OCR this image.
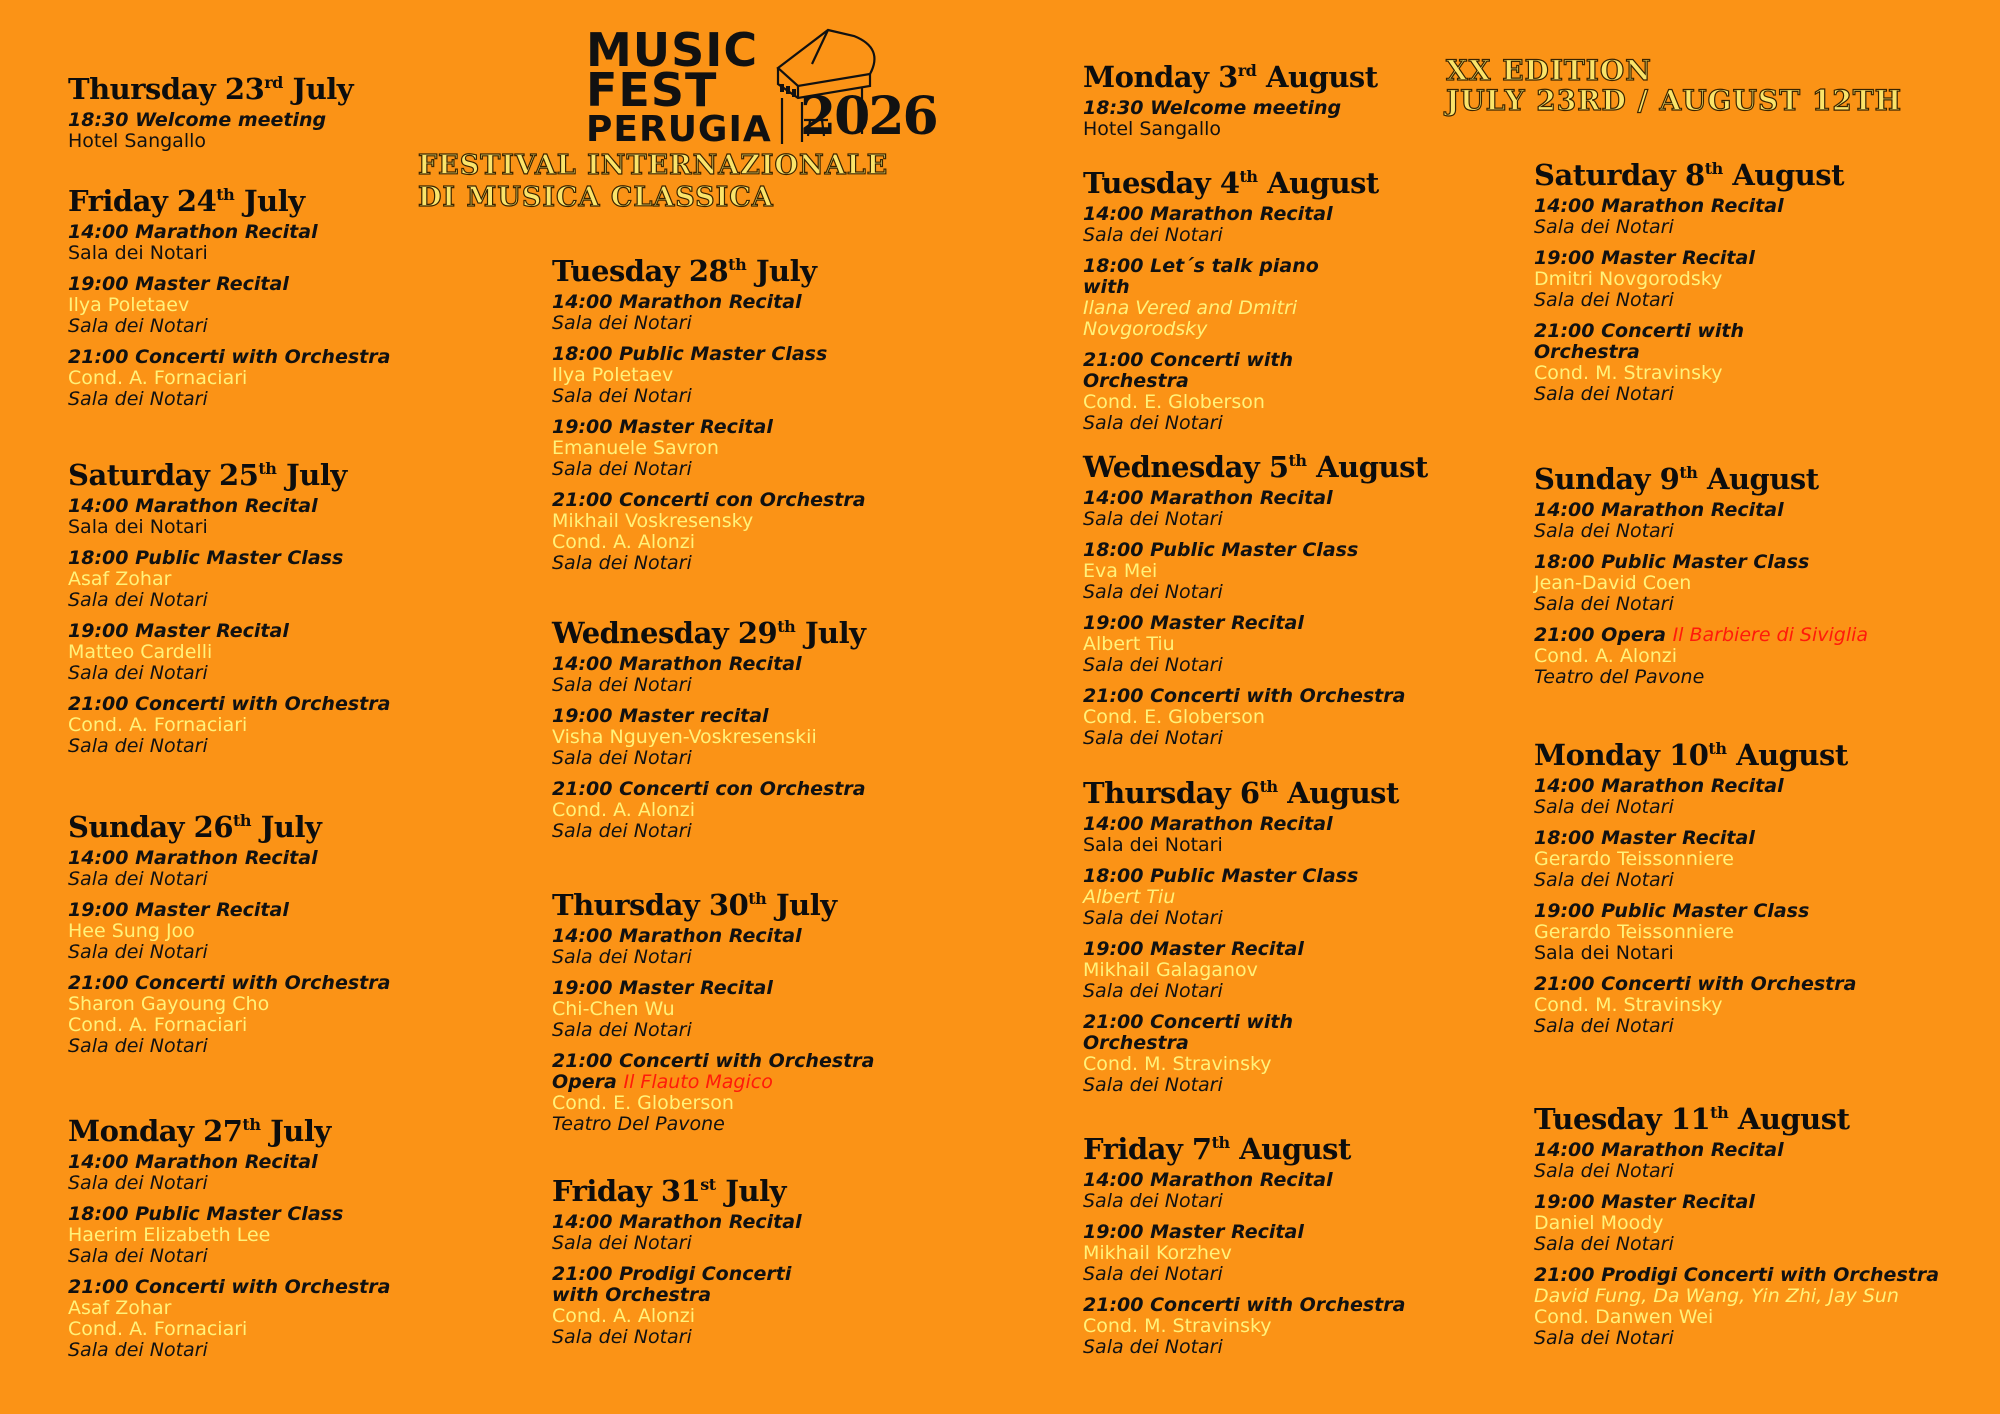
MUSIC
FEST
PERUGIA 2026
FESTIVAL INTERNAZIONALE
DI MUSICA CLASSICA
XX EDITION
JULY 23RD / AUGUST 12TH
Thursday 23rd July
18:30 Welcome meeting
Hotel Sangallo
Friday 24th July
14:00 Marathon Recital
Sala dei Notari
19:00 Master Recital
Ilya Poletaev
Sala dei Notari
21:00 Concerti with Orchestra
Cond. A. Fornaciari
Sala dei Notari
Saturday 25th July
14:00 Marathon Recital
Sala dei Notari
18:00 Public Master Class
Asaf Zohar
Sala dei Notari
19:00 Master Recital
Matteo Cardelli
Sala dei Notari
21:00 Concerti with Orchestra
Cond. A. Fornaciari
Sala dei Notari
Sunday 26th July
14:00 Marathon Recital
Sala dei Notari
19:00 Master Recital
Hee Sung Joo
Sala dei Notari
21:00 Concerti with Orchestra
Sharon Gayoung Cho
Cond. A. Fornaciari
Sala dei Notari
Monday 27th July
14:00 Marathon Recital
Sala dei Notari
18:00 Public Master Class
Haerim Elizabeth Lee
Sala dei Notari
21:00 Concerti with Orchestra
Asaf Zohar
Cond. A. Fornaciari
Sala dei Notari
Tuesday 28th July
14:00 Marathon Recital
Sala dei Notari
18:00 Public Master Class
Ilya Poletaev
Sala dei Notari
19:00 Master Recital
Emanuele Savron
Sala dei Notari
21:00 Concerti con Orchestra
Mikhail Voskresensky
Cond. A. Alonzi
Sala dei Notari
Wednesday 29th July
14:00 Marathon Recital
Sala dei Notari
19:00 Master recital
Visha Nguyen-Voskresenskii
Sala dei Notari
21:00 Concerti con Orchestra
Cond. A. Alonzi
Sala dei Notari
Thursday 30th July
14:00 Marathon Recital
Sala dei Notari
19:00 Master Recital
Chi-Chen Wu
Sala dei Notari
21:00 Concerti with Orchestra
Opera Il Flauto Magico
Cond. E. Globerson
Teatro Del Pavone
Friday 31st July
14:00 Marathon Recital
Sala dei Notari
21:00 Prodigi Concerti with Orchestra
Cond. A. Alonzi
Sala dei Notari
Monday 3rd August
18:30 Welcome meeting
Hotel Sangallo
Tuesday 4th August
14:00 Marathon Recital
Sala dei Notari
18:00 Let´s talk piano with
Ilana Vered and Dmitri Novgorodsky
21:00 Concerti with Orchestra
Cond. E. Globerson
Sala dei Notari
Wednesday 5th August
14:00 Marathon Recital
Sala dei Notari
18:00 Public Master Class
Eva Mei
Sala dei Notari
19:00 Master Recital
Albert Tiu
Sala dei Notari
21:00 Concerti with Orchestra
Cond. E. Globerson
Sala dei Notari
Thursday 6th August
14:00 Marathon Recital
Sala dei Notari
18:00 Public Master Class
Albert Tiu
Sala dei Notari
19:00 Master Recital
Mikhail Galaganov
Sala dei Notari
21:00 Concerti with Orchestra
Cond. M. Stravinsky
Sala dei Notari
Friday 7th August
14:00 Marathon Recital
Sala dei Notari
19:00 Master Recital
Mikhail Korzhev
Sala dei Notari
21:00 Concerti with Orchestra
Cond. M. Stravinsky
Sala dei Notari
Saturday 8th August
14:00 Marathon Recital
Sala dei Notari
19:00 Master Recital
Dmitri Novgorodsky
Sala dei Notari
21:00 Concerti with Orchestra
Cond. M. Stravinsky
Sala dei Notari
Sunday 9th August
14:00 Marathon Recital
Sala dei Notari
18:00 Public Master Class
Jean-David Coen
Sala dei Notari
21:00 Opera Il Barbiere di Siviglia
Cond. A. Alonzi
Teatro del Pavone
Monday 10th August
14:00 Marathon Recital
Sala dei Notari
18:00 Master Recital
Gerardo Teissonniere
Sala dei Notari
19:00 Public Master Class
Gerardo Teissonniere
Sala dei Notari
21:00 Concerti with Orchestra
Cond. M. Stravinsky
Sala dei Notari
Tuesday 11th August
14:00 Marathon Recital
Sala dei Notari
19:00 Master Recital
Daniel Moody
Sala dei Notari
21:00 Prodigi Concerti with Orchestra
David Fung, Da Wang, Yin Zhi, Jay Sun
Cond. Danwen Wei
Sala dei Notari
